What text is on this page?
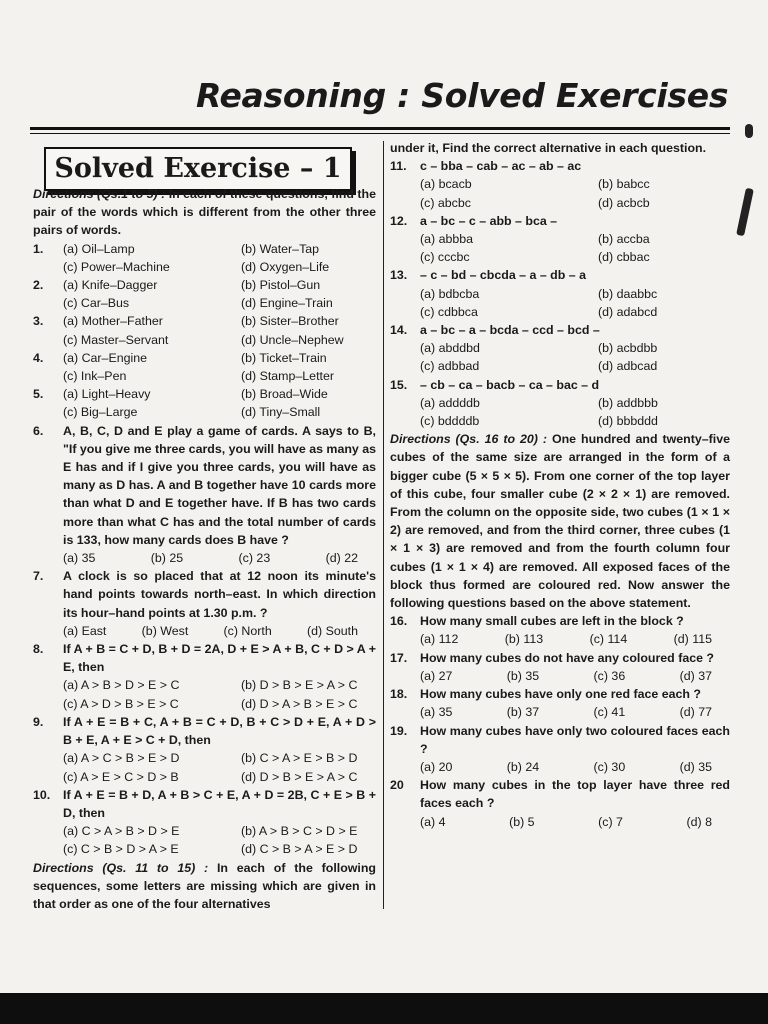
Reasoning : Solved Exercises
Solved Exercise – 1
Directions (Qs.1 to 5) : In each of these questions, find the pair of the words which is different from the other three pairs of words.
1. (a) Oil–Lamp	(b) Water–Tap
(c) Power–Machine	(d) Oxygen–Life
2. (a) Knife–Dagger	(b) Pistol–Gun
(c) Car–Bus	(d) Engine–Train
3. (a) Mother–Father	(b) Sister–Brother
(c) Master–Servant	(d) Uncle–Nephew
4. (a) Car–Engine	(b) Ticket–Train
(c) Ink–Pen	(d) Stamp–Letter
5. (a) Light–Heavy	(b) Broad–Wide
(c) Big–Large	(d) Tiny–Small
6. A, B, C, D and E play a game of cards. A says to B, "If you give me three cards, you will have as many as E has and if I give you three cards, you will have as many as D has. A and B together have 10 cards more than what D and E together have. If B has two cards more than what C has and the total number of cards is 133, how many cards does B have ?
(a) 35	(b) 25	(c) 23	(d) 22
7. A clock is so placed that at 12 noon its minute's hand points towards north–east. In which direction its hour–hand points at 1.30 p.m. ?
(a) East	(b) West	(c) North	(d) South
8. If A + B = C + D, B + D = 2A, D + E > A + B, C + D > A + E, then
(a) A > B > D > E > C	(b) D > B > E > A > C
(c) A > D > B > E > C	(d) D > A > B > E > C
9. If A + E = B + C, A + B = C + D, B + C > D + E, A + D > B + E, A + E > C + D, then
(a) A > C > B > E > D	(b) C > A > E > B > D
(c) A > E > C > D > B	(d) D > B > E > A > C
10. If A + E = B + D, A + B > C + E, A + D = 2B, C + E > B + D, then
(a) C > A > B > D > E	(b) A > B > C > D > E
(c) C > B > D > A > E	(d) C > B > A > E > D
Directions (Qs. 11 to 15) : In each of the following sequences, some letters are missing which are given in that order as one of the four alternatives
under it, Find the correct alternative in each question.
11. c – bba – cab – ac – ab – ac
(a) bcacb	(b) babcc
(c) abcbc	(d) acbcb
12. a – bc – c – abb – bca –
(a) abbba	(b) accba
(c) cccbc	(d) cbbac
13. – c – bd – cbcda – a – db – a
(a) bdbcba	(b) daabbc
(c) cdbbca	(d) adabcd
14. a – bc – a – bcda – ccd – bcd –
(a) abddbd	(b) acbdbb
(c) adbbad	(d) adbcad
15. – cb – ca – bacb – ca – bac – d
(a) addddb	(b) addbbb
(c) bddddb	(d) bbbddd
Directions (Qs. 16 to 20) : One hundred and twenty–five cubes of the same size are arranged in the form of a bigger cube (5 × 5 × 5). From one corner of the top layer of this cube, four smaller cube (2 × 2 × 1) are removed. From the column on the opposite side, two cubes (1 × 1 × 2) are removed, and from the third corner, three cubes (1 × 1 × 3) are removed and from the fourth column four cubes (1 × 1 × 4) are removed. All exposed faces of the block thus formed are coloured red. Now answer the following questions based on the above statement.
16. How many small cubes are left in the block ?
(a) 112	(b) 113	(c) 114	(d) 115
17. How many cubes do not have any coloured face ?
(a) 27	(b) 35	(c) 36	(d) 37
18. How many cubes have only one red face each ?
(a) 35	(b) 37	(c) 41	(d) 77
19. How many cubes have only two coloured faces each ?
(a) 20	(b) 24	(c) 30	(d) 35
20 How many cubes in the top layer have three red faces each ?
(a) 4	(b) 5	(c) 7	(d) 8
